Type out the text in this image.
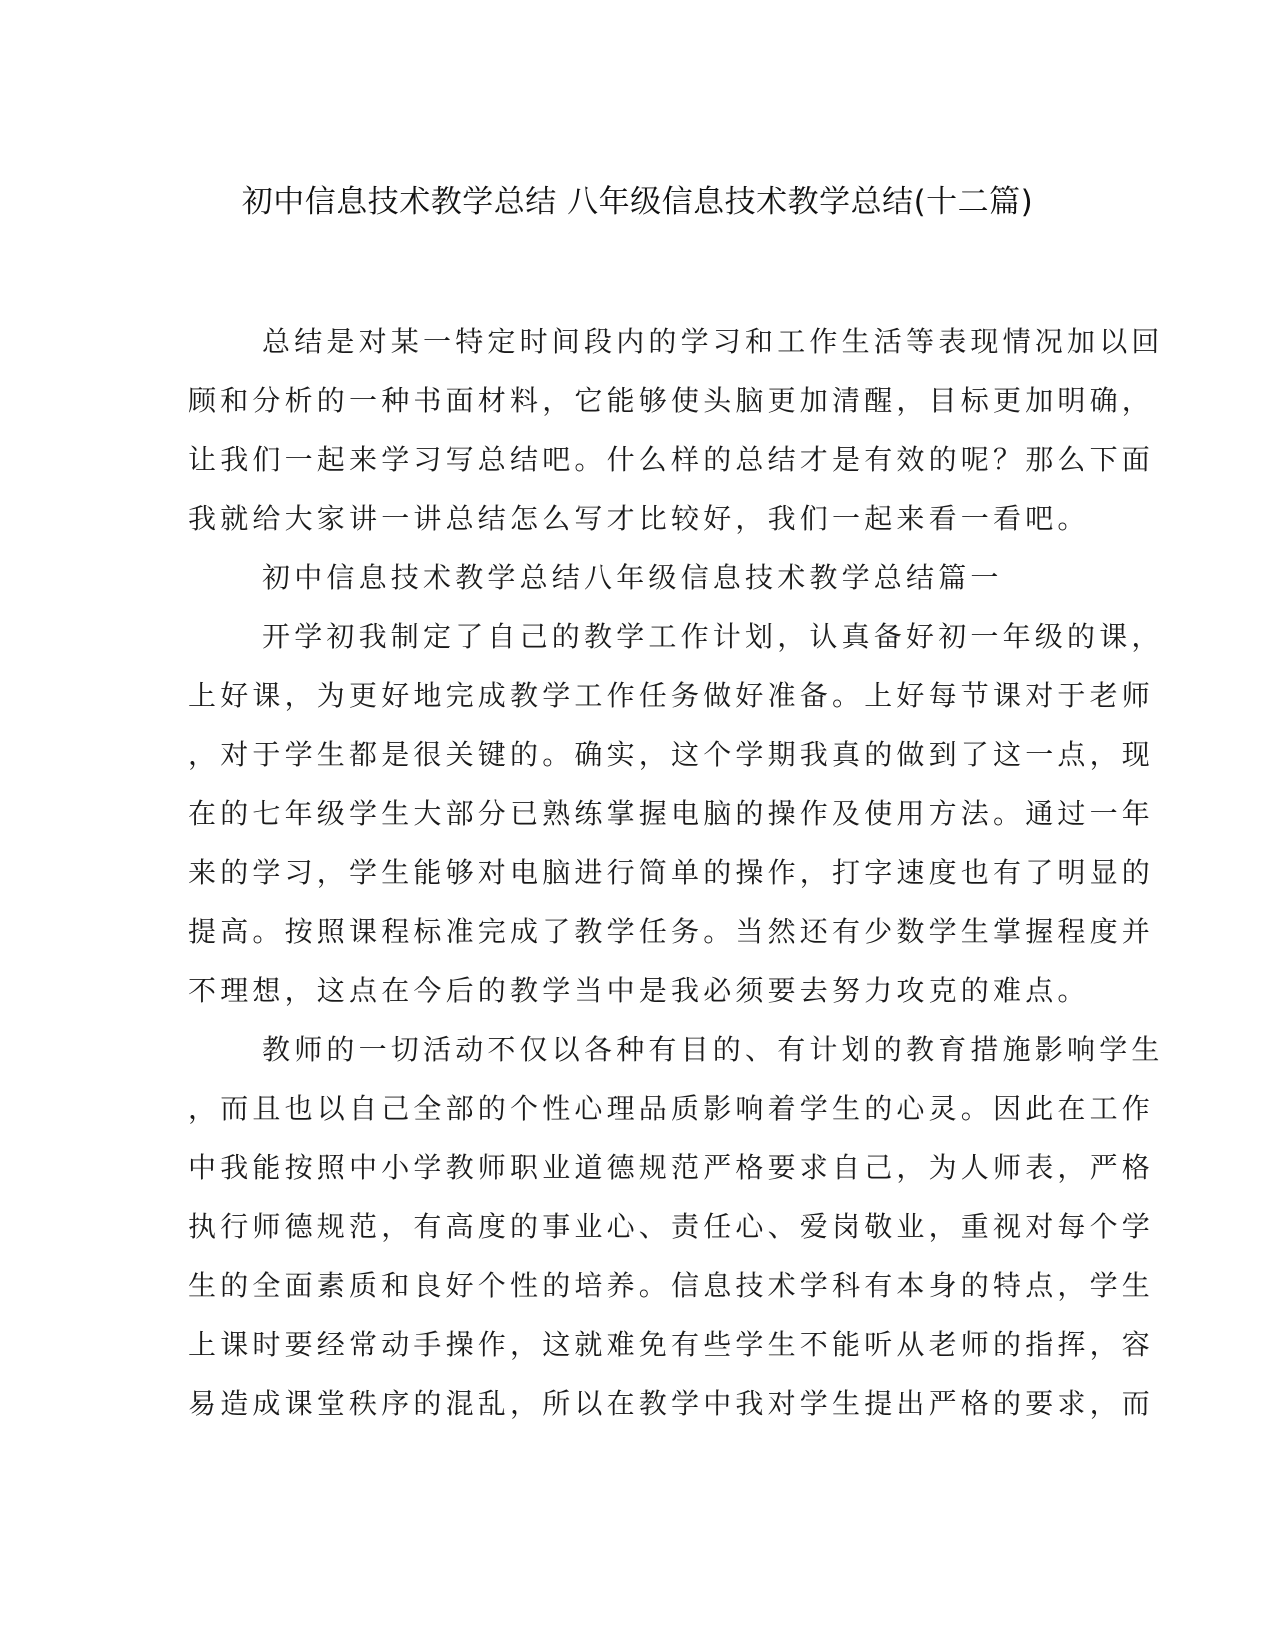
初中信息技术教学总结 八年级信息技术教学总结(十二篇)
总结是对某一特定时间段内的学习和工作生活等表现情况加以回
顾和分析的一种书面材料，它能够使头脑更加清醒，目标更加明确，
让我们一起来学习写总结吧。什么样的总结才是有效的呢？那么下面
我就给大家讲一讲总结怎么写才比较好，我们一起来看一看吧。
初中信息技术教学总结八年级信息技术教学总结篇一
开学初我制定了自己的教学工作计划，认真备好初一年级的课，
上好课，为更好地完成教学工作任务做好准备。上好每节课对于老师
，对于学生都是很关键的。确实，这个学期我真的做到了这一点，现
在的七年级学生大部分已熟练掌握电脑的操作及使用方法。通过一年
来的学习，学生能够对电脑进行简单的操作，打字速度也有了明显的
提高。按照课程标准完成了教学任务。当然还有少数学生掌握程度并
不理想，这点在今后的教学当中是我必须要去努力攻克的难点。
教师的一切活动不仅以各种有目的、有计划的教育措施影响学生
，而且也以自己全部的个性心理品质影响着学生的心灵。因此在工作
中我能按照中小学教师职业道德规范严格要求自己，为人师表，严格
执行师德规范，有高度的事业心、责任心、爱岗敬业，重视对每个学
生的全面素质和良好个性的培养。信息技术学科有本身的特点，学生
上课时要经常动手操作，这就难免有些学生不能听从老师的指挥，容
易造成课堂秩序的混乱，所以在教学中我对学生提出严格的要求，而
